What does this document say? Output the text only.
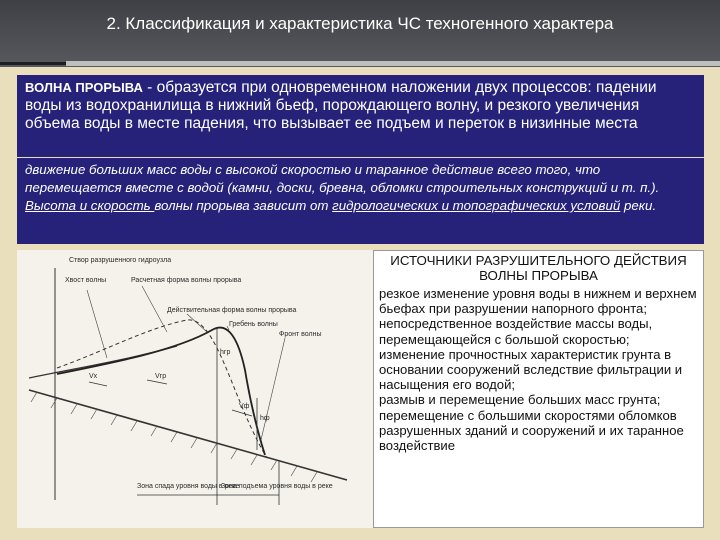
2. Классификация и характеристика ЧС техногенного характера
ВОЛНА ПРОРЫВА - образуется при одновременном наложении двух процессов: падении воды из водохранилища в нижний бьеф, порождающего волну, и резкого увеличения объема воды в месте падения, что вызывает ее подъем и переток в низинные места

движение больших масс воды с высокой скоростью и таранное действие всего того, что перемещается вместе с водой (камни, доски, бревна, обломки строительных конструкций и т. п.).

Высота и скорость волны прорыва зависит от гидрологических и топографических условий реки.

Створ разрушенного гидроузла
Хвост волны	Расчетная форма волны прорыва
Действительная форма волны прорыва
Гребень волны
Фронт волны
Зона спада уровня воды в реке
Зона подъема уровня воды в реке
hгр
hф
Vгр
Vф
Vх
ИСТОЧНИКИ РАЗРУШИТЕЛЬНОГО ДЕЙСТВИЯ ВОЛНЫ ПРОРЫВА

резкое изменение уровня воды в нижнем и верхнем бьефах при разрушении напорного фронта;

непосредственное воздействие массы воды, перемещающейся с большой скоростью;

изменение прочностных характеристик грунта в основании сооружений вследствие фильтрации и насыщения его водой;

размыв и перемещение больших масс грунта;

перемещение с большими скоростями обломков разрушенных зданий и сооружений и их таранное воздействие
